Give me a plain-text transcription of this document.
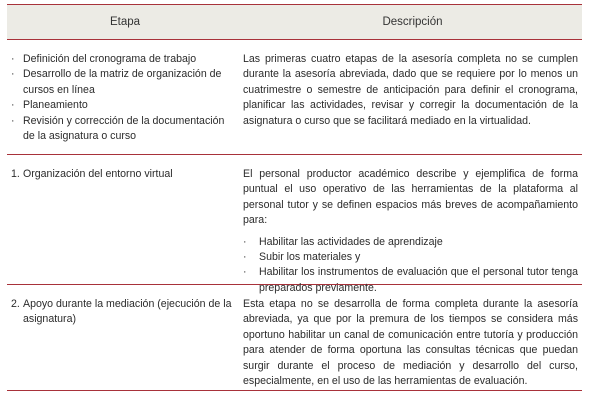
Etapa	Descripción
· Definición del cronograma de trabajo
· Desarrollo de la matriz de organización de cursos en línea
· Planeamiento
· Revisión y corrección de la documentación de la asignatura o curso
Las primeras cuatro etapas de la asesoría completa no se cumplen durante la asesoría abreviada, dado que se requiere por lo menos un cuatrimestre o semestre de anticipación para definir el cronograma, planificar las actividades, revisar y corregir la documentación de la asignatura o curso que se facilitará mediado en la virtualidad.
1. Organización del entorno virtual	El personal productor académico describe y ejemplifica de forma puntual el uso operativo de las herramientas de la plataforma al personal tutor y se definen espacios más breves de acompañamiento para:
· Habilitar las actividades de aprendizaje
· Subir los materiales y
· Habilitar los instrumentos de evaluación que el personal tutor tenga preparados previamente.
2. Apoyo durante la mediación (ejecución de la asignatura)
Esta etapa no se desarrolla de forma completa durante la asesoría abreviada, ya que por la premura de los tiempos se considera más oportuno habilitar un canal de comunicación entre tutoría y producción para atender de forma oportuna las consultas técnicas que puedan surgir durante el proceso de mediación y desarrollo del curso, especialmente, en el uso de las herramientas de evaluación.
